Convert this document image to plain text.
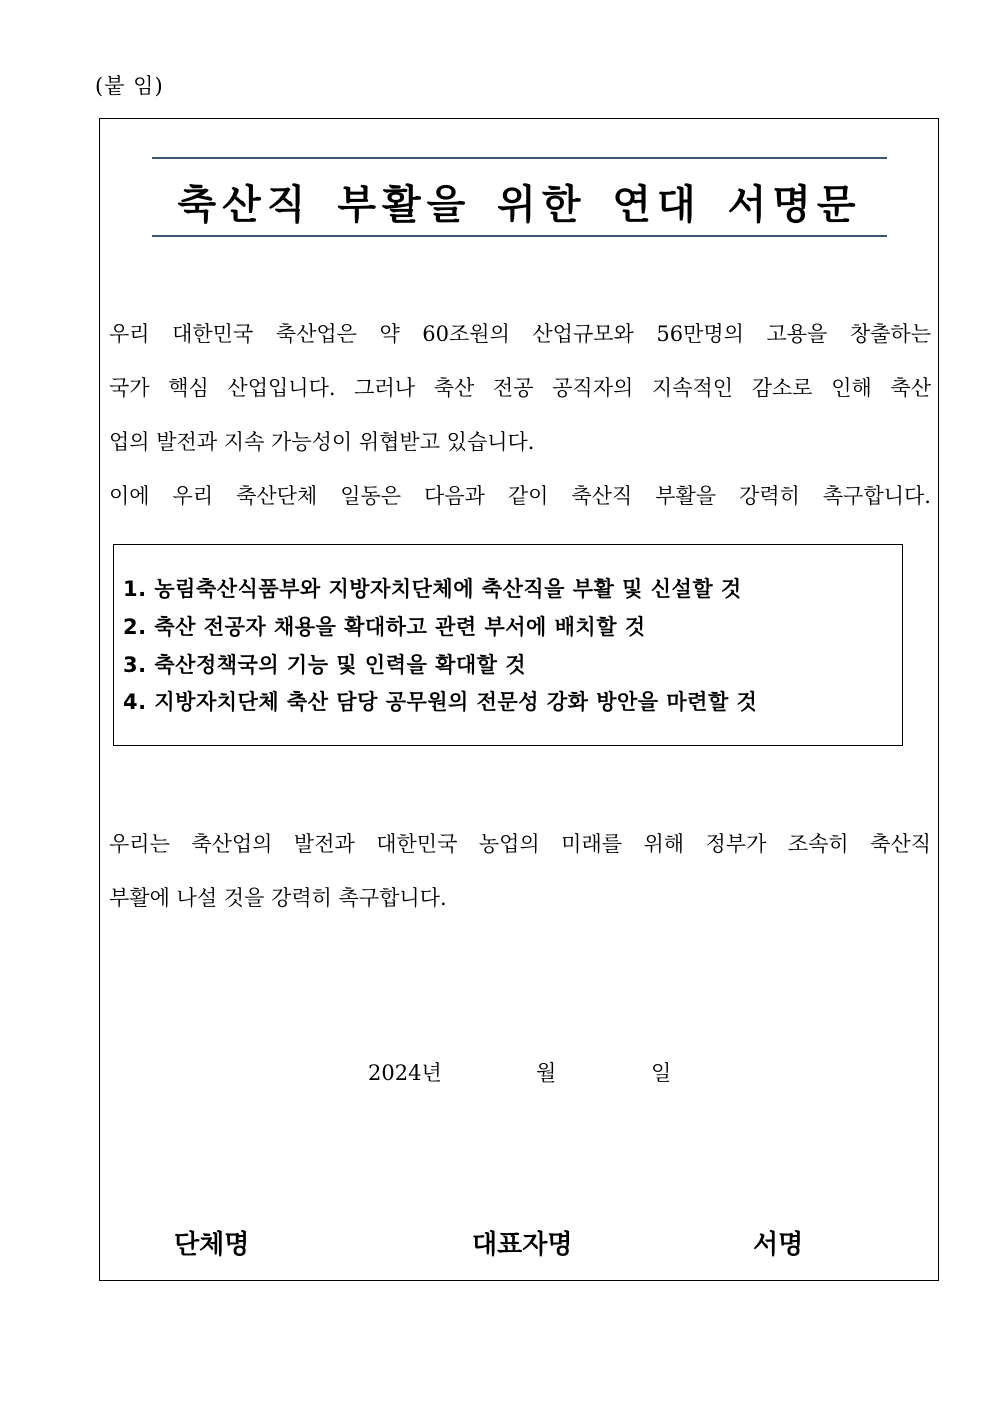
(붙 임)
축산직 부활을 위한 연대 서명문
우리 대한민국 축산업은 약 60조원의 산업규모와 56만명의 고용을 창출하는
국가 핵심 산업입니다. 그러나 축산 전공 공직자의 지속적인 감소로 인해 축산
업의 발전과 지속 가능성이 위협받고 있습니다.
이에 우리 축산단체 일동은 다음과 같이 축산직 부활을 강력히 촉구합니다.
1. 농림축산식품부와 지방자치단체에 축산직을 부활 및 신설할 것
2. 축산 전공자 채용을 확대하고 관련 부서에 배치할 것
3. 축산정책국의 기능 및 인력을 확대할 것
4. 지방자치단체 축산 담당 공무원의 전문성 강화 방안을 마련할 것
우리는 축산업의 발전과 대한민국 농업의 미래를 위해 정부가 조속히 축산직
부활에 나설 것을 강력히 촉구합니다.
2024년	월	일
단체명	대표자명	서명
